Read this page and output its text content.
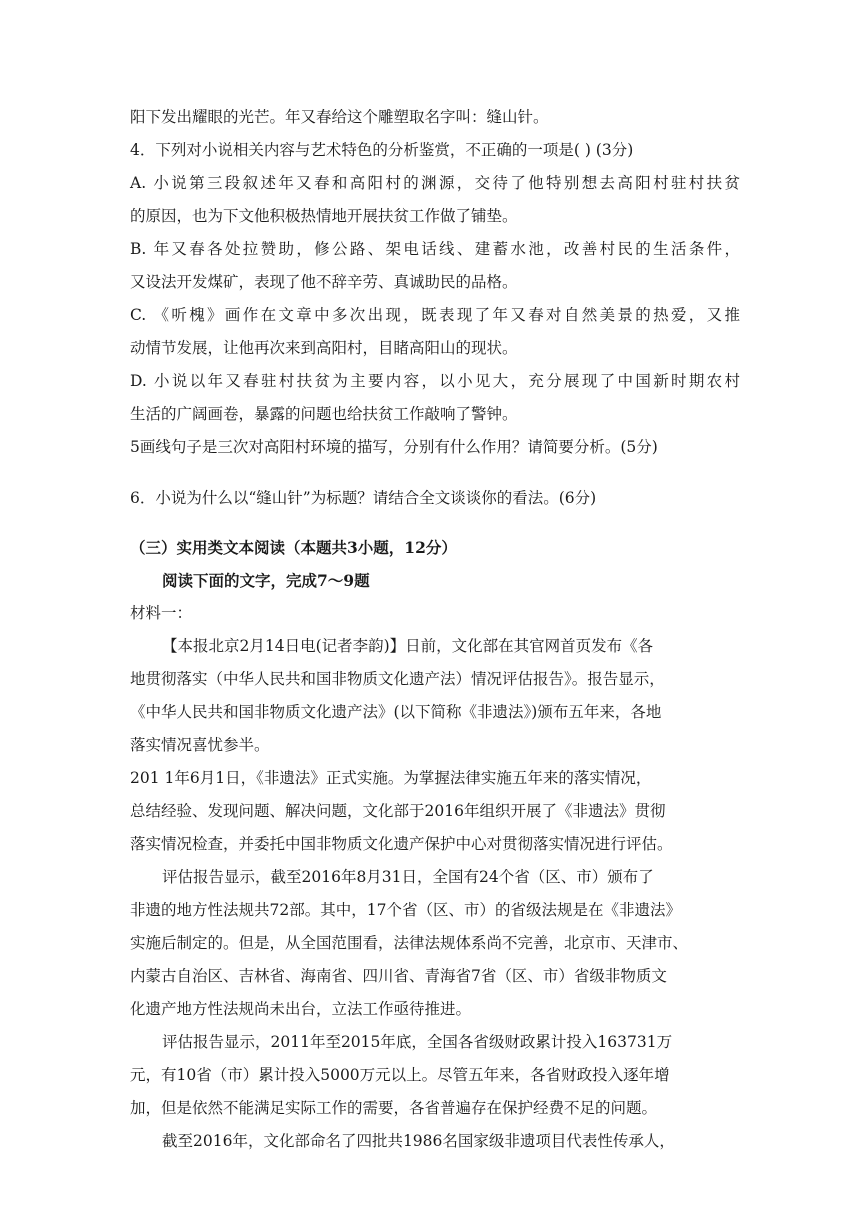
阳下发出耀眼的光芒。年又春给这个雕塑取名字叫：缝山针。
4．下列对小说相关内容与艺术特色的分析鉴赏，不正确的一项是( ) (3分)
A. 小说第三段叙述年又春和高阳村的渊源，交待了他特别想去高阳村驻村扶贫
的原因，也为下文他积极热情地开展扶贫工作做了铺垫。
B. 年又春各处拉赞助，修公路、架电话线、建蓄水池，改善村民的生活条件，
又设法开发煤矿，表现了他不辞辛劳、真诚助民的品格。
C. 《听槐》画作在文章中多次出现，既表现了年又春对自然美景的热爱，又推
动情节发展，让他再次来到高阳村，目睹高阳山的现状。
D. 小说以年又春驻村扶贫为主要内容，以小见大，充分展现了中国新时期农村
生活的广阔画卷，暴露的问题也给扶贫工作敲响了警钟。
5画线句子是三次对高阳村环境的描写，分别有什么作用？请简要分析。(5分)
6．小说为什么以“缝山针”为标题？请结合全文谈谈你的看法。(6分)
（三）实用类文本阅读（本题共3小题，12分）
阅读下面的文字，完成7～9题
材料一：
【本报北京2月14日电(记者李韵)】日前，文化部在其官网首页发布《各
地贯彻落实（中华人民共和国非物质文化遗产法）情况评估报告》。报告显示，
《中华人民共和国非物质文化遗产法》(以下简称《非遗法》)颁布五年来，各地
落实情况喜忧参半。
201 1年6月1日，《非遗法》正式实施。为掌握法律实施五年来的落实情况，
总结经验、发现问题、解决问题，文化部于2016年组织开展了《非遗法》贯彻
落实情况检查，并委托中国非物质文化遗产保护中心对贯彻落实情况进行评估。
评估报告显示，截至2016年8月31日，全国有24个省（区、市）颁布了
非遗的地方性法规共72部。其中，17个省（区、市）的省级法规是在《非遗法》
实施后制定的。但是，从全国范围看，法律法规体系尚不完善，北京市、天津市、
内蒙古自治区、吉林省、海南省、四川省、青海省7省（区、市）省级非物质文
化遗产地方性法规尚未出台，立法工作亟待推进。
评估报告显示，2011年至2015年底，全国各省级财政累计投入163731万
元，有10省（市）累计投入5000万元以上。尽管五年来，各省财政投入逐年增
加，但是依然不能满足实际工作的需要，各省普遍存在保护经费不足的问题。
截至2016年，文化部命名了四批共1986名国家级非遗项目代表性传承人，
